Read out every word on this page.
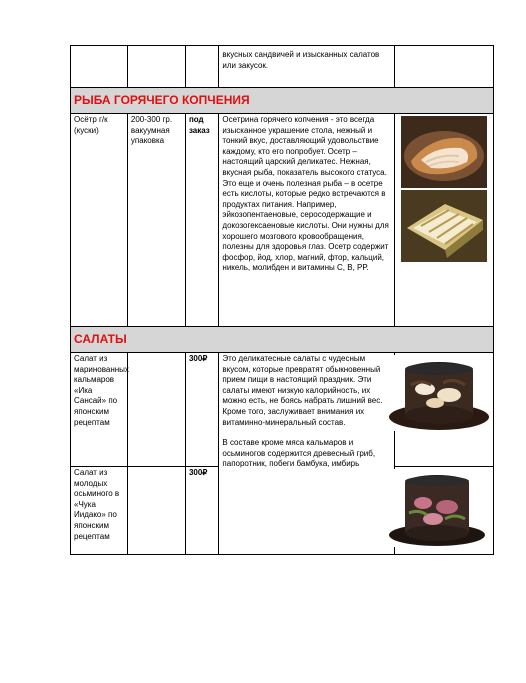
			вкусных сандвичей и изысканных салатов или закусок.	
РЫБА ГОРЯЧЕГО КОПЧЕНИЯ				
Осётр г/к (куски)	200-300 гр. вакуумная упаковка	под заказ	Осетрина горячего копчения - это всегда изысканное украшение стола, нежный и тонкий вкус, доставляющий удовольствие каждому, кто его попробует. Осетр – настоящий царский деликатес. Нежная, вкусная рыба, показатель высокого статуса. Это еще и очень полезная рыба – в осетре есть кислоты, которые редко встречаются в продуктах питания. Например, эйкозопентаеновые, серосодержащие и докозогексаеновые кислоты. Они нужны для хорошего мозгового кровообращения, полезны для здоровья глаз. Осетр содержит фосфор, йод, хлор, магний, фтор, кальций, никель, молибден и витамины С, В, РР.	

САЛАТЫ				
Салат из маринованных кальмаров «Ика Сансай» по японским рецептам		300₽	Это деликатесные салаты с чудесным вкусом, которые превратят обыкновенный прием пищи в настоящий праздник. Эти салаты имеют низкую калорийность, их можно есть, не боясь набрать лишний вес. Кроме того, заслуживает внимания их витаминно-минеральный состав.

В составе кроме мяса кальмаров и осьминогов содержится древесный гриб, папоротник, побеги бамбука, имбирь

Салат из молодых осьминого в «Чука Иидако» по японским рецептам		300₽	
